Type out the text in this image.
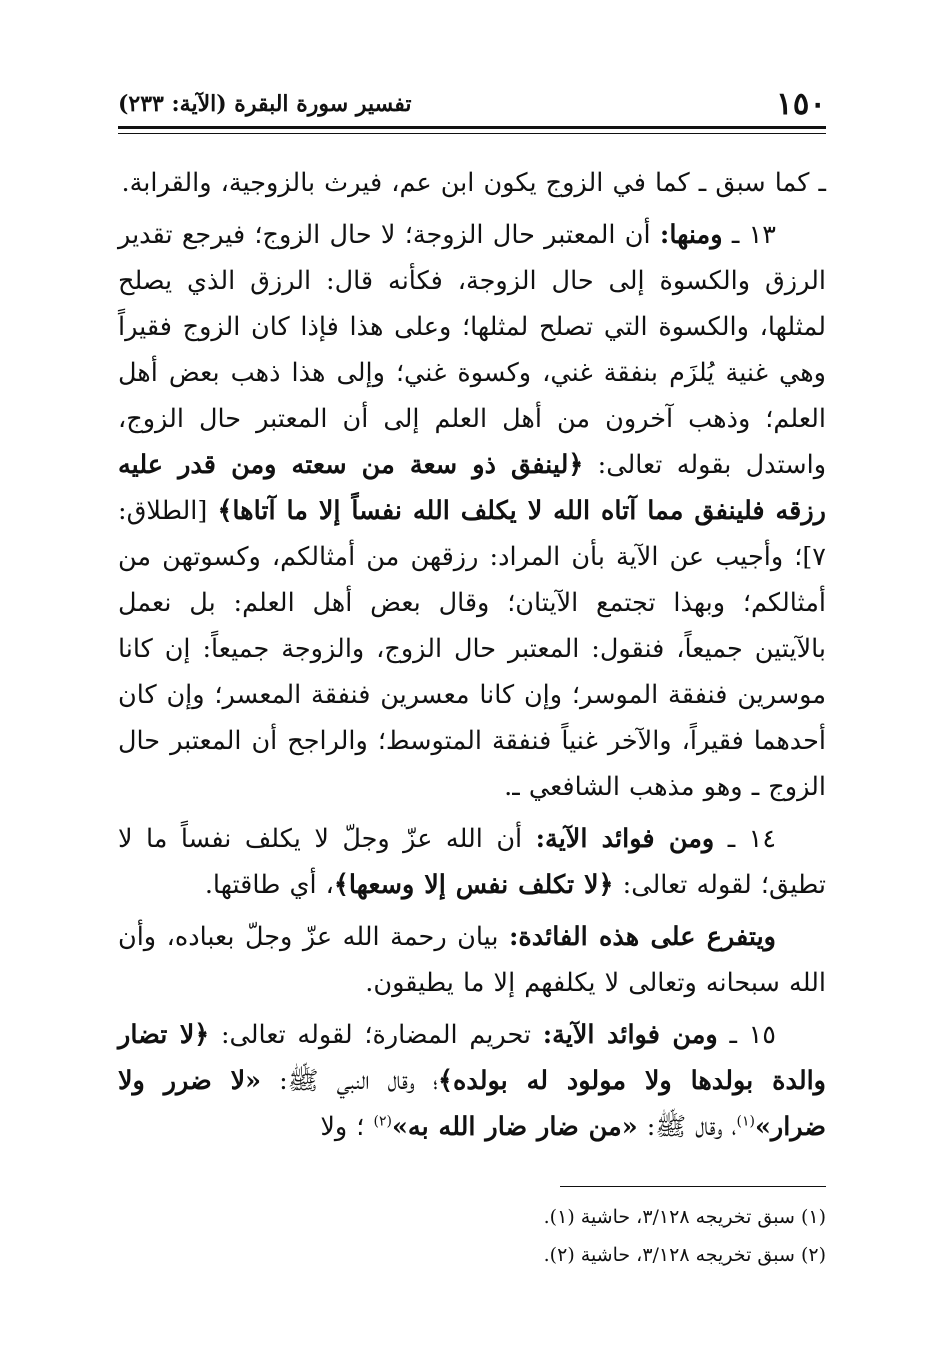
١٥٠
تفسير سورة البقرة (الآية: ٢٣٣)

ـ كما سبق ـ كما في الزوج يكون ابن عم، فيرث بالزوجية، والقرابة.

١٣ ـ ومنها: أن المعتبر حال الزوجة؛ لا حال الزوج؛ فيرجع تقدير الرزق والكسوة إلى حال الزوجة، فكأنه قال: الرزق الذي يصلح لمثلها، والكسوة التي تصلح لمثلها؛ وعلى هذا فإذا كان الزوج فقيراً وهي غنية يُلزَم بنفقة غني، وكسوة غني؛ وإلى هذا ذهب بعض أهل العلم؛ وذهب آخرون من أهل العلم إلى أن المعتبر حال الزوج، واستدل بقوله تعالى: ﴿لينفق ذو سعة من سعته ومن قدر عليه رزقه فلينفق مما آتاه الله لا يكلف الله نفساً إلا ما آتاها﴾ [الطلاق: ٧]؛ وأجيب عن الآية بأن المراد: رزقهن من أمثالكم، وكسوتهن من أمثالكم؛ وبهذا تجتمع الآيتان؛ وقال بعض أهل العلم: بل نعمل بالآيتين جميعاً، فنقول: المعتبر حال الزوج، والزوجة جميعاً: إن كانا موسرين فنفقة الموسر؛ وإن كانا معسرين فنفقة المعسر؛ وإن كان أحدهما فقيراً، والآخر غنياً فنفقة المتوسط؛ والراجح أن المعتبر حال الزوج ـ وهو مذهب الشافعي ـ.

١٤ ـ ومن فوائد الآية: أن الله عزّ وجلّ لا يكلف نفساً ما لا تطيق؛ لقوله تعالى: ﴿لا تكلف نفس إلا وسعها﴾، أي طاقتها.

ويتفرع على هذه الفائدة: بيان رحمة الله عزّ وجلّ بعباده، وأن الله سبحانه وتعالى لا يكلفهم إلا ما يطيقون.

١٥ ـ ومن فوائد الآية: تحريم المضارة؛ لقوله تعالى: ﴿لا تضار والدة بولدها ولا مولود له بولده﴾؛ وقال النبي ﷺ: «لا ضرر ولا ضرار»$^{(١)}$، وقال ﷺ: «من ضار ضار الله به»$^{(٢)}$ ؛ ولا

(١) سبق تخريجه ٣/١٢٨، حاشية (١).
(٢) سبق تخريجه ٣/١٢٨، حاشية (٢).
